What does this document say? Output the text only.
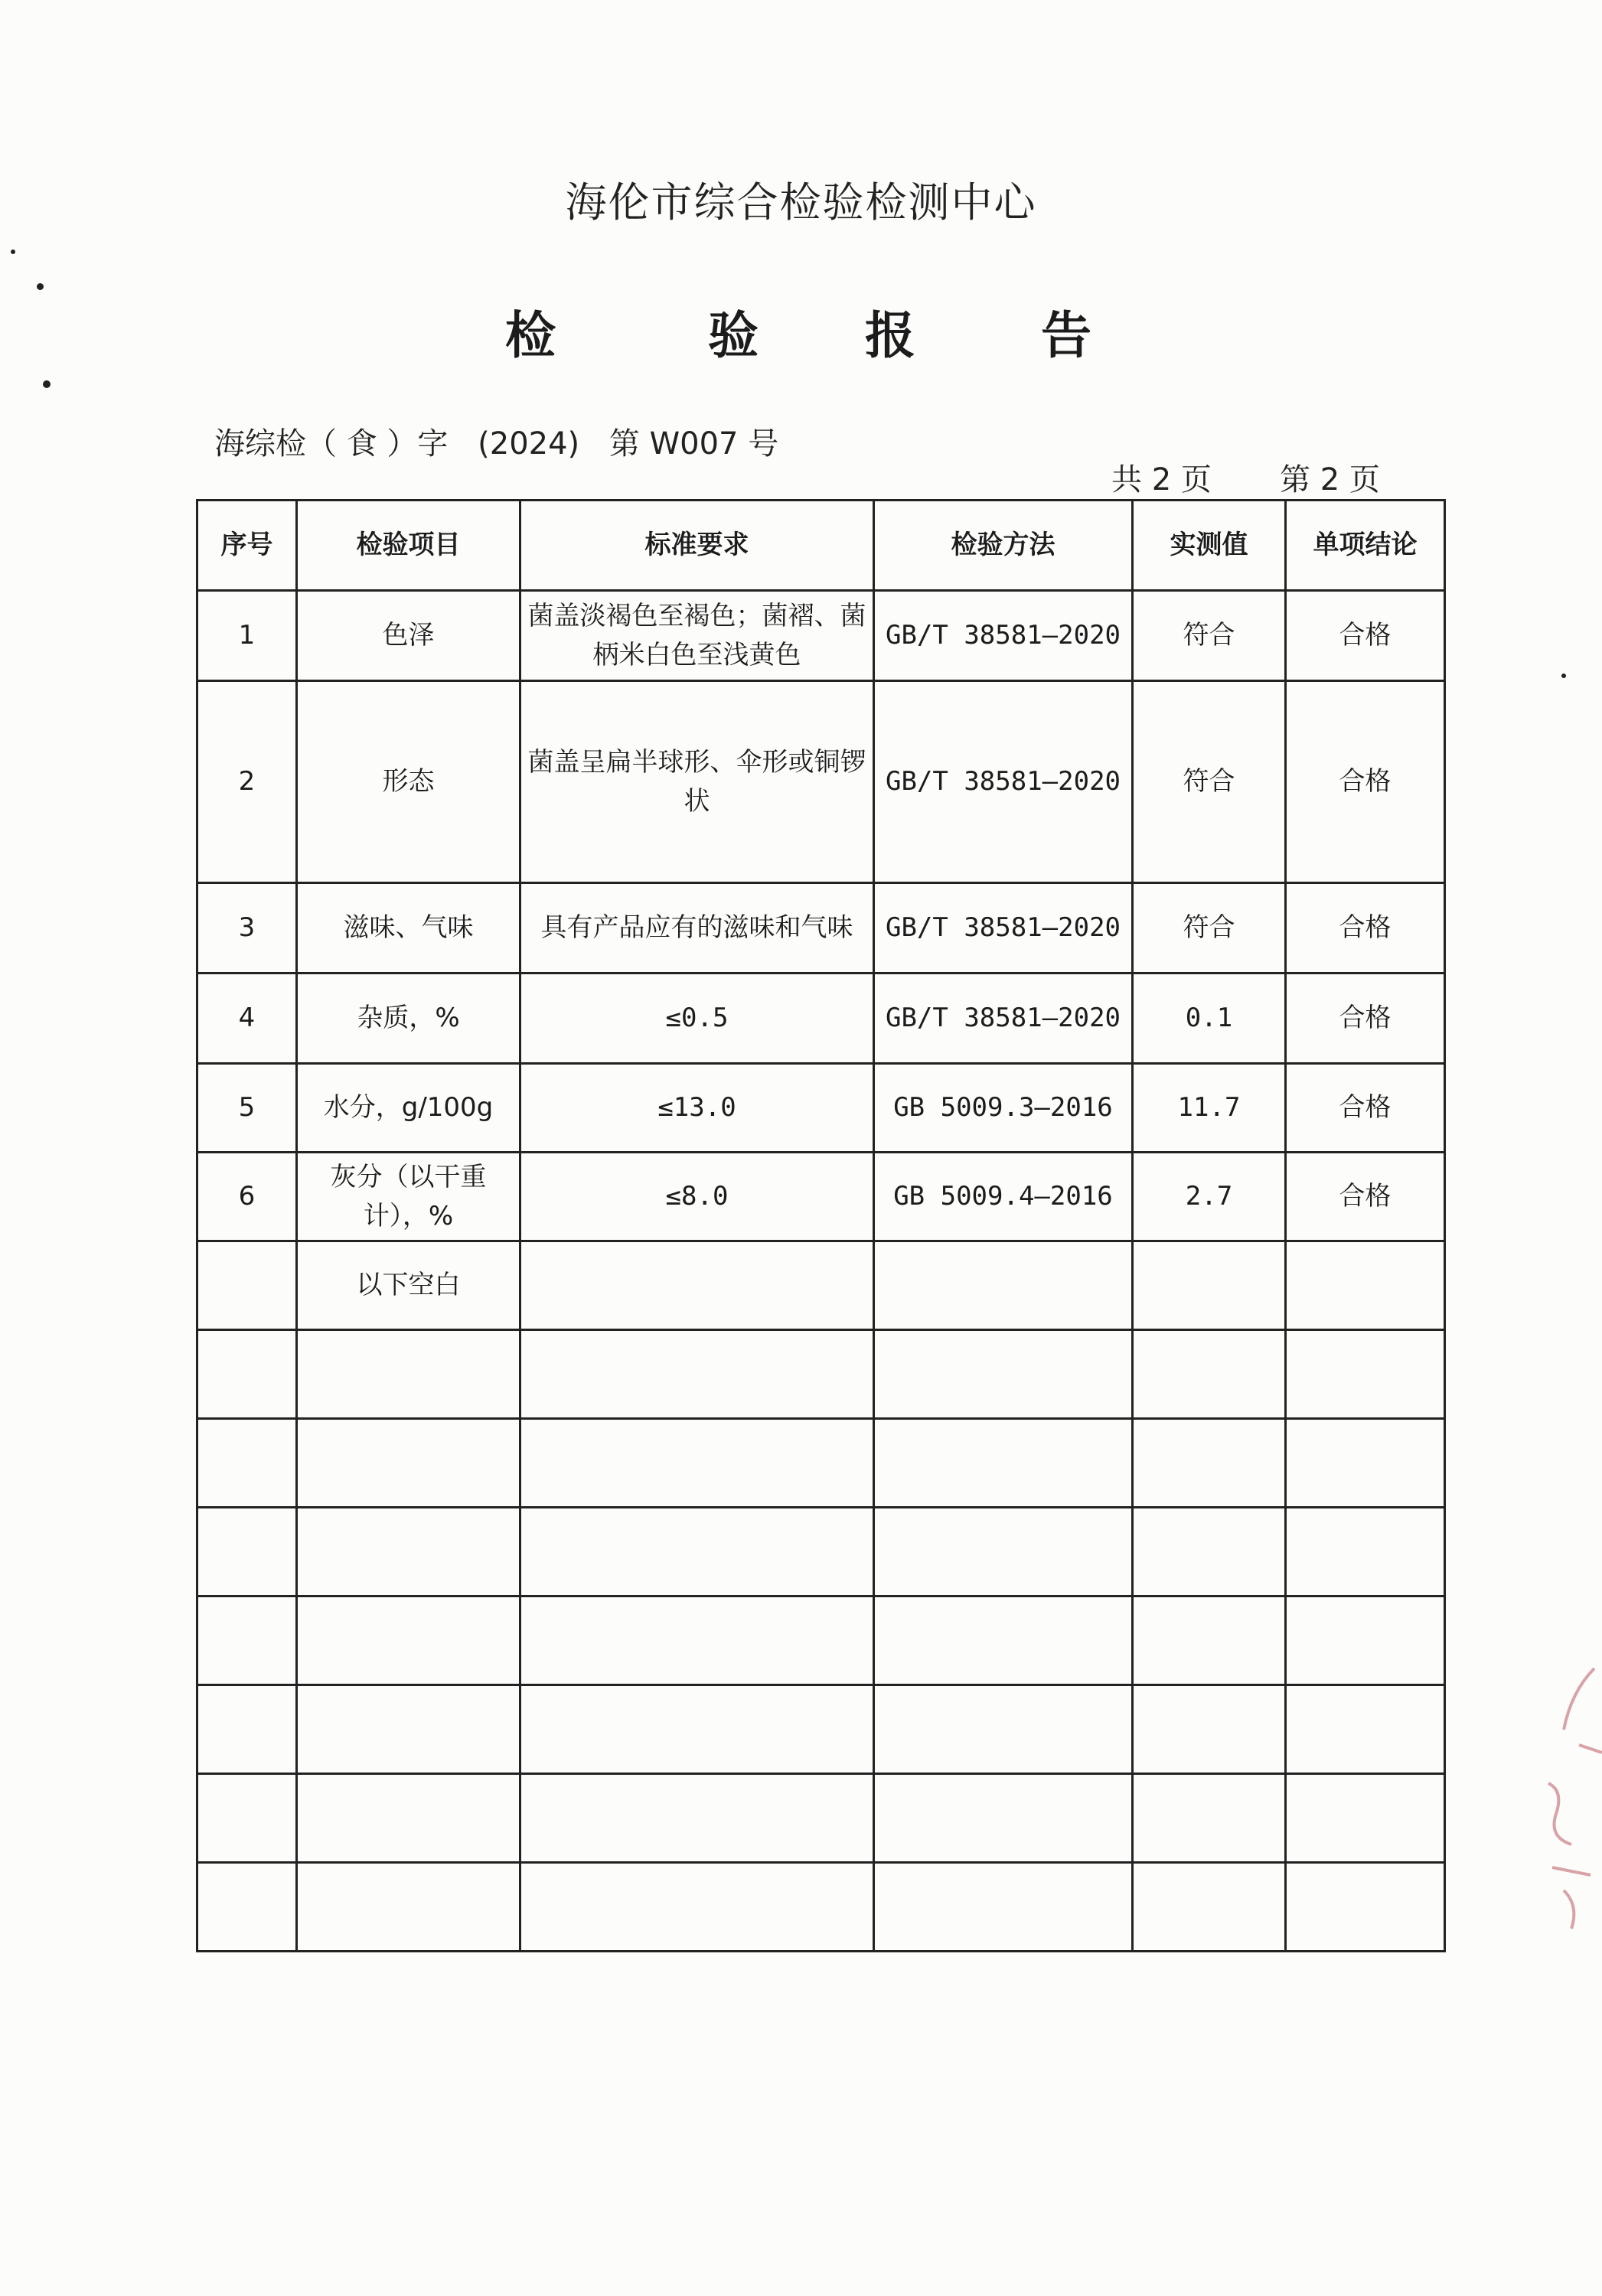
海伦市综合检验检测中心
检	验 报 告
海综检（ 食 ）字 (2024) 第 W007 号
共 2 页 第 2 页
序号	检验项目	标准要求	检验方法	实测值	单项结论
1	色泽	菌盖淡褐色至褐色；菌褶、菌柄米白色至浅黄色	GB/T 38581—2020	符合	合格
2	形态	菌盖呈扁半球形、伞形或铜锣状	GB/T 38581—2020	符合	合格
3	滋味、气味	具有产品应有的滋味和气味	GB/T 38581—2020	符合	合格
4	杂质，%	≤0.5	GB/T 38581—2020	0.1	合格
5	水分，g/100g	≤13.0	GB 5009.3—2016	11.7	合格
6	灰分（以干重计），%	≤8.0	GB 5009.4—2016	2.7	合格
	以下空白				
